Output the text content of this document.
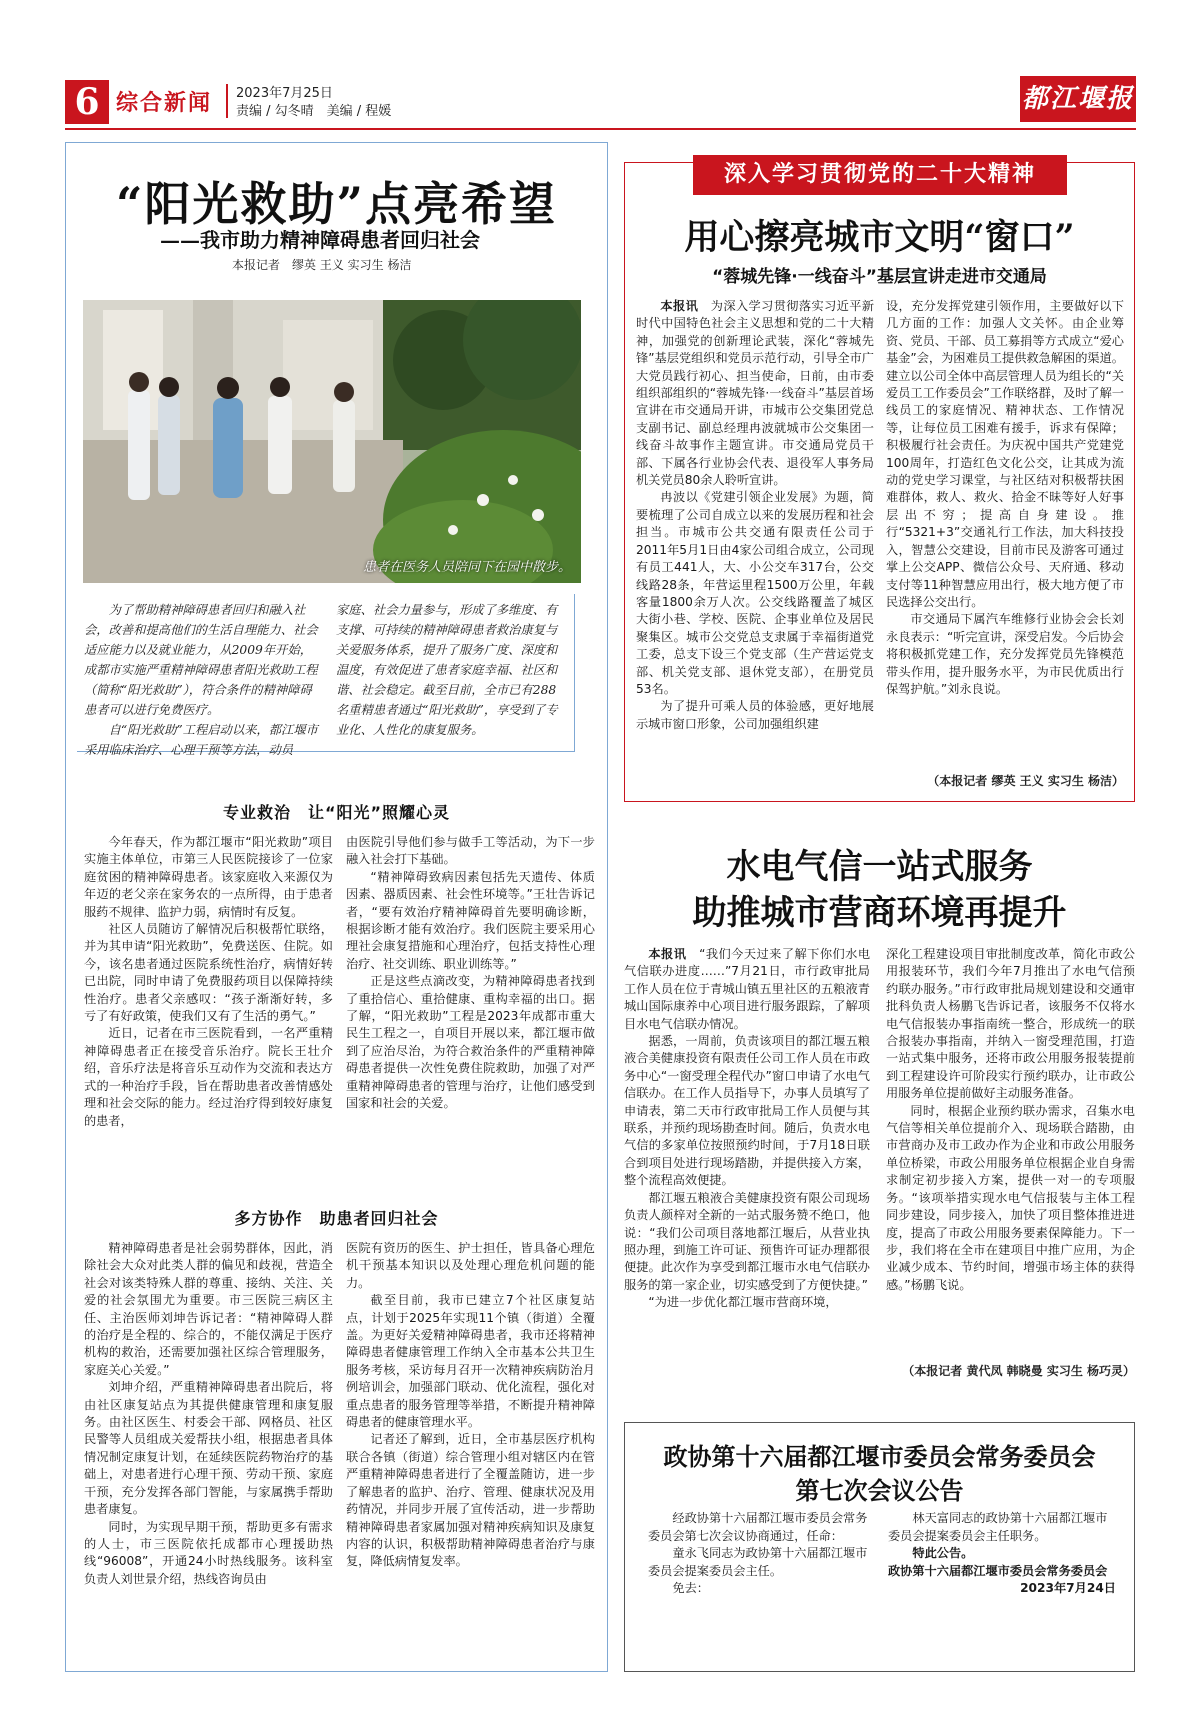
6 综合新闻 2023年7月25日
责编 / 勾冬晴　美编 / 程媛	都江堰报
“阳光救助”点亮希望
——我市助力精神障碍患者回归社会
本报记者　缪英 王义 实习生 杨洁
患者在医务人员陪同下在园中散步。

为了帮助精神障碍患者回归和融入社会，改善和提高他们的生活自理能力、社会适应能力以及就业能力，从2009年开始，成都市实施严重精神障碍患者阳光救助工程（简称“阳光救助”），符合条件的精神障碍患者可以进行免费医疗。

自“阳光救助”工程启动以来，都江堰市采用临床治疗、心理干预等方法，动员

家庭、社会力量参与，形成了多维度、有支撑、可持续的精神障碍患者救治康复与关爱服务体系，提升了服务广度、深度和温度，有效促进了患者家庭幸福、社区和谐、社会稳定。截至目前，全市已有288名重精患者通过“阳光救助”，享受到了专业化、人性化的康复服务。

专业救治　让“阳光”照耀心灵

今年春天，作为都江堰市“阳光救助”项目实施主体单位，市第三人民医院接诊了一位家庭贫困的精神障碍患者。该家庭收入来源仅为年迈的老父亲在家务农的一点所得，由于患者服药不规律、监护力弱，病情时有反复。

社区人员随访了解情况后积极帮忙联络，并为其申请“阳光救助”，免费送医、住院。如今，该名患者通过医院系统性治疗，病情好转已出院，同时申请了免费服药项目以保障持续性治疗。患者父亲感叹：“孩子渐渐好转，多亏了有好政策，使我们又有了生活的勇气。”

近日，记者在市三医院看到，一名严重精神障碍患者正在接受音乐治疗。院长王壮介绍，音乐疗法是将音乐互动作为交流和表达方式的一种治疗手段，旨在帮助患者改善情感处理和社会交际的能力。经过治疗得到较好康复的患者，

由医院引导他们参与做手工等活动，为下一步融入社会打下基础。

“精神障碍致病因素包括先天遗传、体质因素、器质因素、社会性环境等。”王壮告诉记者，“要有效治疗精神障碍首先要明确诊断，根据诊断才能有效治疗。我们医院主要采用心理社会康复措施和心理治疗，包括支持性心理治疗、社交训练、职业训练等。”

正是这些点滴改变，为精神障碍患者找到了重拾信心、重拾健康、重构幸福的出口。据了解，“阳光救助”工程是2023年成都市重大民生工程之一，自项目开展以来，都江堰市做到了应治尽治，为符合救治条件的严重精神障碍患者提供一次性免费住院救助，加强了对严重精神障碍患者的管理与治疗，让他们感受到国家和社会的关爱。

多方协作　助患者回归社会

精神障碍患者是社会弱势群体，因此，消除社会大众对此类人群的偏见和歧视，营造全社会对该类特殊人群的尊重、接纳、关注、关爱的社会氛围尤为重要。市三医院三病区主任、主治医师刘坤告诉记者：“精神障碍人群的治疗是全程的、综合的，不能仅满足于医疗机构的救治，还需要加强社区综合管理服务，家庭关心关爱。”

刘坤介绍，严重精神障碍患者出院后，将由社区康复站点为其提供健康管理和康复服务。由社区医生、村委会干部、网格员、社区民警等人员组成关爱帮扶小组，根据患者具体情况制定康复计划，在延续医院药物治疗的基础上，对患者进行心理干预、劳动干预、家庭干预，充分发挥各部门智能，与家属携手帮助患者康复。

同时，为实现早期干预，帮助更多有需求的人士，市三医院依托成都市心理援助热线“96008”，开通24小时热线服务。该科室负责人刘世景介绍，热线咨询员由

医院有资历的医生、护士担任，皆具备心理危机干预基本知识以及处理心理危机问题的能力。

截至目前，我市已建立7个社区康复站点，计划于2025年实现11个镇（街道）全覆盖。为更好关爱精神障碍患者，我市还将精神障碍患者健康管理工作纳入全市基本公共卫生服务考核，采访每月召开一次精神疾病防治月例培训会，加强部门联动、优化流程，强化对重点患者的服务管理等举措，不断提升精神障碍患者的健康管理水平。

记者还了解到，近日，全市基层医疗机构联合各镇（街道）综合管理小组对辖区内在管严重精神障碍患者进行了全覆盖随访，进一步了解患者的监护、治疗、管理、健康状况及用药情况，并同步开展了宣传活动，进一步帮助精神障碍患者家属加强对精神疾病知识及康复内容的认识，积极帮助精神障碍患者治疗与康复，降低病情复发率。

深入学习贯彻党的二十大精神
用心擦亮城市文明“窗口”
“蓉城先锋·一线奋斗”基层宣讲走进市交通局

本报讯　 为深入学习贯彻落实习近平新时代中国特色社会主义思想和党的二十大精神，加强党的创新理论武装，深化“蓉城先锋”基层党组织和党员示范行动，引导全市广大党员践行初心、担当使命，日前，由市委组织部组织的“蓉城先锋·一线奋斗”基层首场宣讲在市交通局开讲，市城市公交集团党总支副书记、副总经理冉波就城市公交集团一线奋斗故事作主题宣讲。市交通局党员干部、下属各行业协会代表、退役军人事务局机关党员80余人聆听宣讲。

冉波以《党建引领企业发展》为题，简要梳理了公司自成立以来的发展历程和社会担当。市城市公共交通有限责任公司于2011年5月1日由4家公司组合成立，公司现有员工441人，大、小公交车317台，公交线路28条，年营运里程1500万公里，年载客量1800余万人次。公交线路覆盖了城区大街小巷、学校、医院、企事业单位及居民聚集区。城市公交党总支隶属于幸福街道党工委，总支下设三个党支部（生产营运党支部、机关党支部、退休党支部），在册党员53名。

为了提升可乘人员的体验感，更好地展示城市窗口形象，公司加强组织建

设，充分发挥党建引领作用，主要做好以下几方面的工作：加强人文关怀。由企业筹资、党员、干部、员工募捐等方式成立“爱心基金”会，为困难员工提供救急解困的渠道。建立以公司全体中高层管理人员为组长的“关爱员工工作委员会”工作联络群，及时了解一线员工的家庭情况、精神状态、工作情况等，让每位员工困难有援手，诉求有保障；积极履行社会责任。为庆祝中国共产党建党100周年，打造红色文化公交，让其成为流动的党史学习课堂，与社区结对积极帮扶困难群体，救人、救火、拾金不昧等好人好事层出不穷；提高自身建设。推行“5321+3”交通礼行工作法，加大科技投入，智慧公交建设，目前市民及游客可通过掌上公交APP、微信公众号、天府通、移动支付等11种智慧应用出行，极大地方便了市民选择公交出行。

市交通局下属汽车维修行业协会会长刘永良表示：“听完宣讲，深受启发。今后协会将积极抓党建工作，充分发挥党员先锋模范带头作用，提升服务水平，为市民优质出行保驾护航。”刘永良说。

（本报记者 缪英 王义 实习生 杨洁）
水电气信一站式服务
助推城市营商环境再提升

本报讯　 “我们今天过来了解下你们水电气信联办进度……”7月21日，市行政审批局工作人员在位于青城山镇五里社区的五粮液青城山国际康养中心项目进行服务跟踪，了解项目水电气信联办情况。

据悉，一周前，负责该项目的都江堰五粮液合美健康投资有限责任公司工作人员在市政务中心“一窗受理全程代办”窗口申请了水电气信联办。在工作人员指导下，办事人员填写了申请表，第二天市行政审批局工作人员便与其联系，并预约现场勘查时间。随后，负责水电气信的多家单位按照预约时间，于7月18日联合到项目处进行现场踏勘，并提供接入方案，整个流程高效便捷。

都江堰五粮液合美健康投资有限公司现场负责人颜梓对全新的一站式服务赞不绝口，他说：“我们公司项目落地都江堰后，从营业执照办理，到施工许可证、预售许可证办理都很便捷。此次作为享受到都江堰市水电气信联办服务的第一家企业，切实感受到了方便快捷。”

“为进一步优化都江堰市营商环境，

深化工程建设项目审批制度改革，简化市政公用报装环节，我们今年7月推出了水电气信预约联办服务。”市行政审批局规划建设和交通审批科负责人杨鹏飞告诉记者，该服务不仅将水电气信报装办事指南统一整合，形成统一的联合报装办事指南，并纳入一窗受理范围，打造一站式集中服务，还将市政公用服务报装提前到工程建设许可阶段实行预约联办，让市政公用服务单位提前做好主动服务准备。

同时，根据企业预约联办需求，召集水电气信等相关单位提前介入、现场联合踏勘，由市营商办及市工政办作为企业和市政公用服务单位桥梁，市政公用服务单位根据企业自身需求制定初步接入方案，提供一对一的专项服务。“该项举措实现水电气信报装与主体工程同步建设，同步接入，加快了项目整体推进进度，提高了市政公用服务要素保障能力。下一步，我们将在全市在建项目中推广应用，为企业减少成本、节约时间，增强市场主体的获得感。”杨鹏飞说。

（本报记者 黄代凤 韩晓曼 实习生 杨巧灵）
政协第十六届都江堰市委员会常务委员会
第七次会议公告

经政协第十六届都江堰市委员会常务委员会第七次会议协商通过，任命：

童永飞同志为政协第十六届都江堰市委员会提案委员会主任。

免去：

林天富同志的政协第十六届都江堰市委员会提案委员会主任职务。

特此公告。

政协第十六届都江堰市委员会常务委员会

2023年7月24日
